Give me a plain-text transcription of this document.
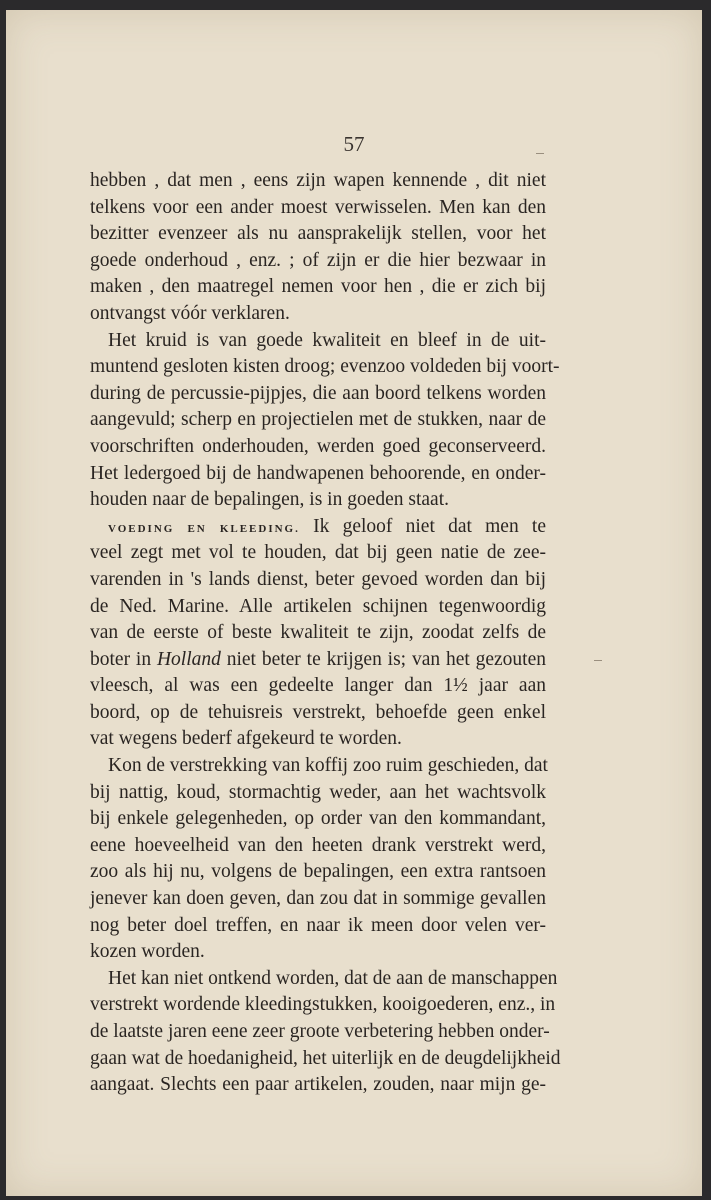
57
hebben , dat men , eens zijn wapen kennende , dit niet
telkens voor een ander moest verwisselen. Men kan den
bezitter evenzeer als nu aansprakelijk stellen, voor het
goede onderhoud , enz. ; of zijn er die hier bezwaar in
maken , den maatregel nemen voor hen , die er zich bij
ontvangst vóór verklaren.
Het kruid is van goede kwaliteit en bleef in de uit-
muntend gesloten kisten droog; evenzoo voldeden bij voort-
during de percussie-pijpjes, die aan boord telkens worden
aangevuld; scherp en projectielen met de stukken, naar de
voorschriften onderhouden, werden goed geconserveerd.
Het ledergoed bij de handwapenen behoorende, en onder-
houden naar de bepalingen, is in goeden staat.
VOEDING EN KLEEDING. Ik geloof niet dat men te
veel zegt met vol te houden, dat bij geen natie de zee-
varenden in 's lands dienst, beter gevoed worden dan bij
de Ned. Marine. Alle artikelen schijnen tegenwoordig
van de eerste of beste kwaliteit te zijn, zoodat zelfs de
boter in Holland niet beter te krijgen is; van het gezouten
vleesch, al was een gedeelte langer dan 1½ jaar aan
boord, op de tehuisreis verstrekt, behoefde geen enkel
vat wegens bederf afgekeurd te worden.
Kon de verstrekking van koffij zoo ruim geschieden, dat
bij nattig, koud, stormachtig weder, aan het wachtsvolk
bij enkele gelegenheden, op order van den kommandant,
eene hoeveelheid van den heeten drank verstrekt werd,
zoo als hij nu, volgens de bepalingen, een extra rantsoen
jenever kan doen geven, dan zou dat in sommige gevallen
nog beter doel treffen, en naar ik meen door velen ver-
kozen worden.
Het kan niet ontkend worden, dat de aan de manschappen
verstrekt wordende kleedingstukken, kooigoederen, enz., in
de laatste jaren eene zeer groote verbetering hebben onder-
gaan wat de hoedanigheid, het uiterlijk en de deugdelijkheid
aangaat. Slechts een paar artikelen, zouden, naar mijn ge-
